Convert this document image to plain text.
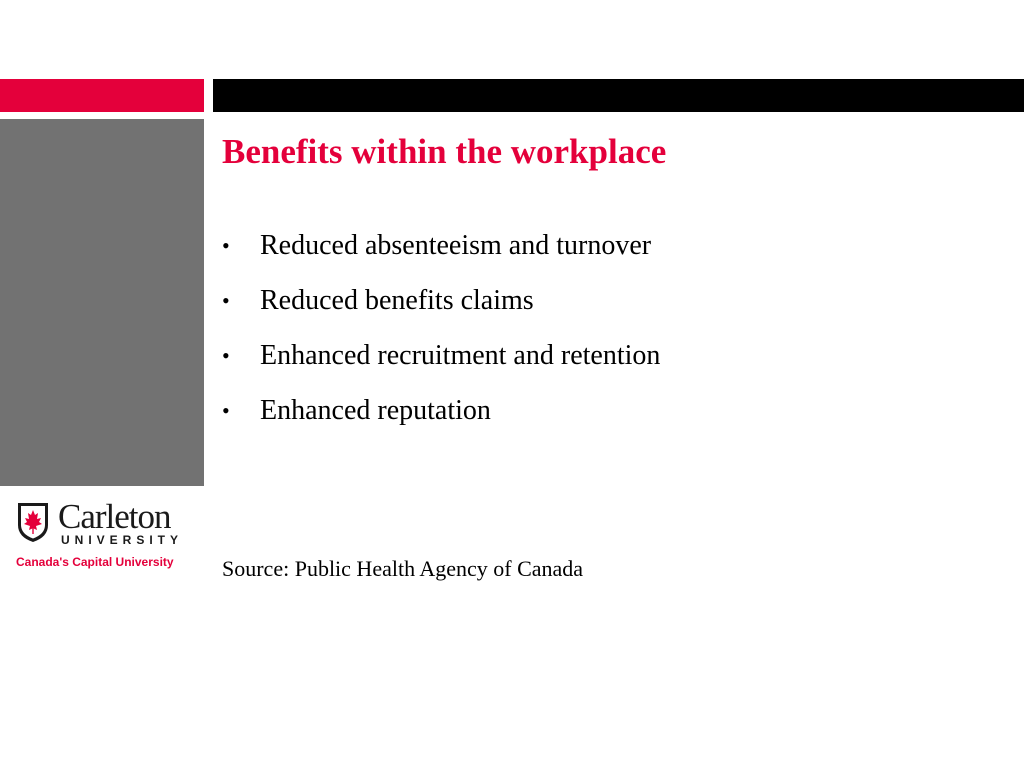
Benefits within the workplace
• Reduced absenteeism and turnover
• Reduced benefits claims
• Enhanced recruitment and retention
• Enhanced reputation
Source: Public Health Agency of Canada
Carleton
UNIVERSITY
Canada's Capital University
